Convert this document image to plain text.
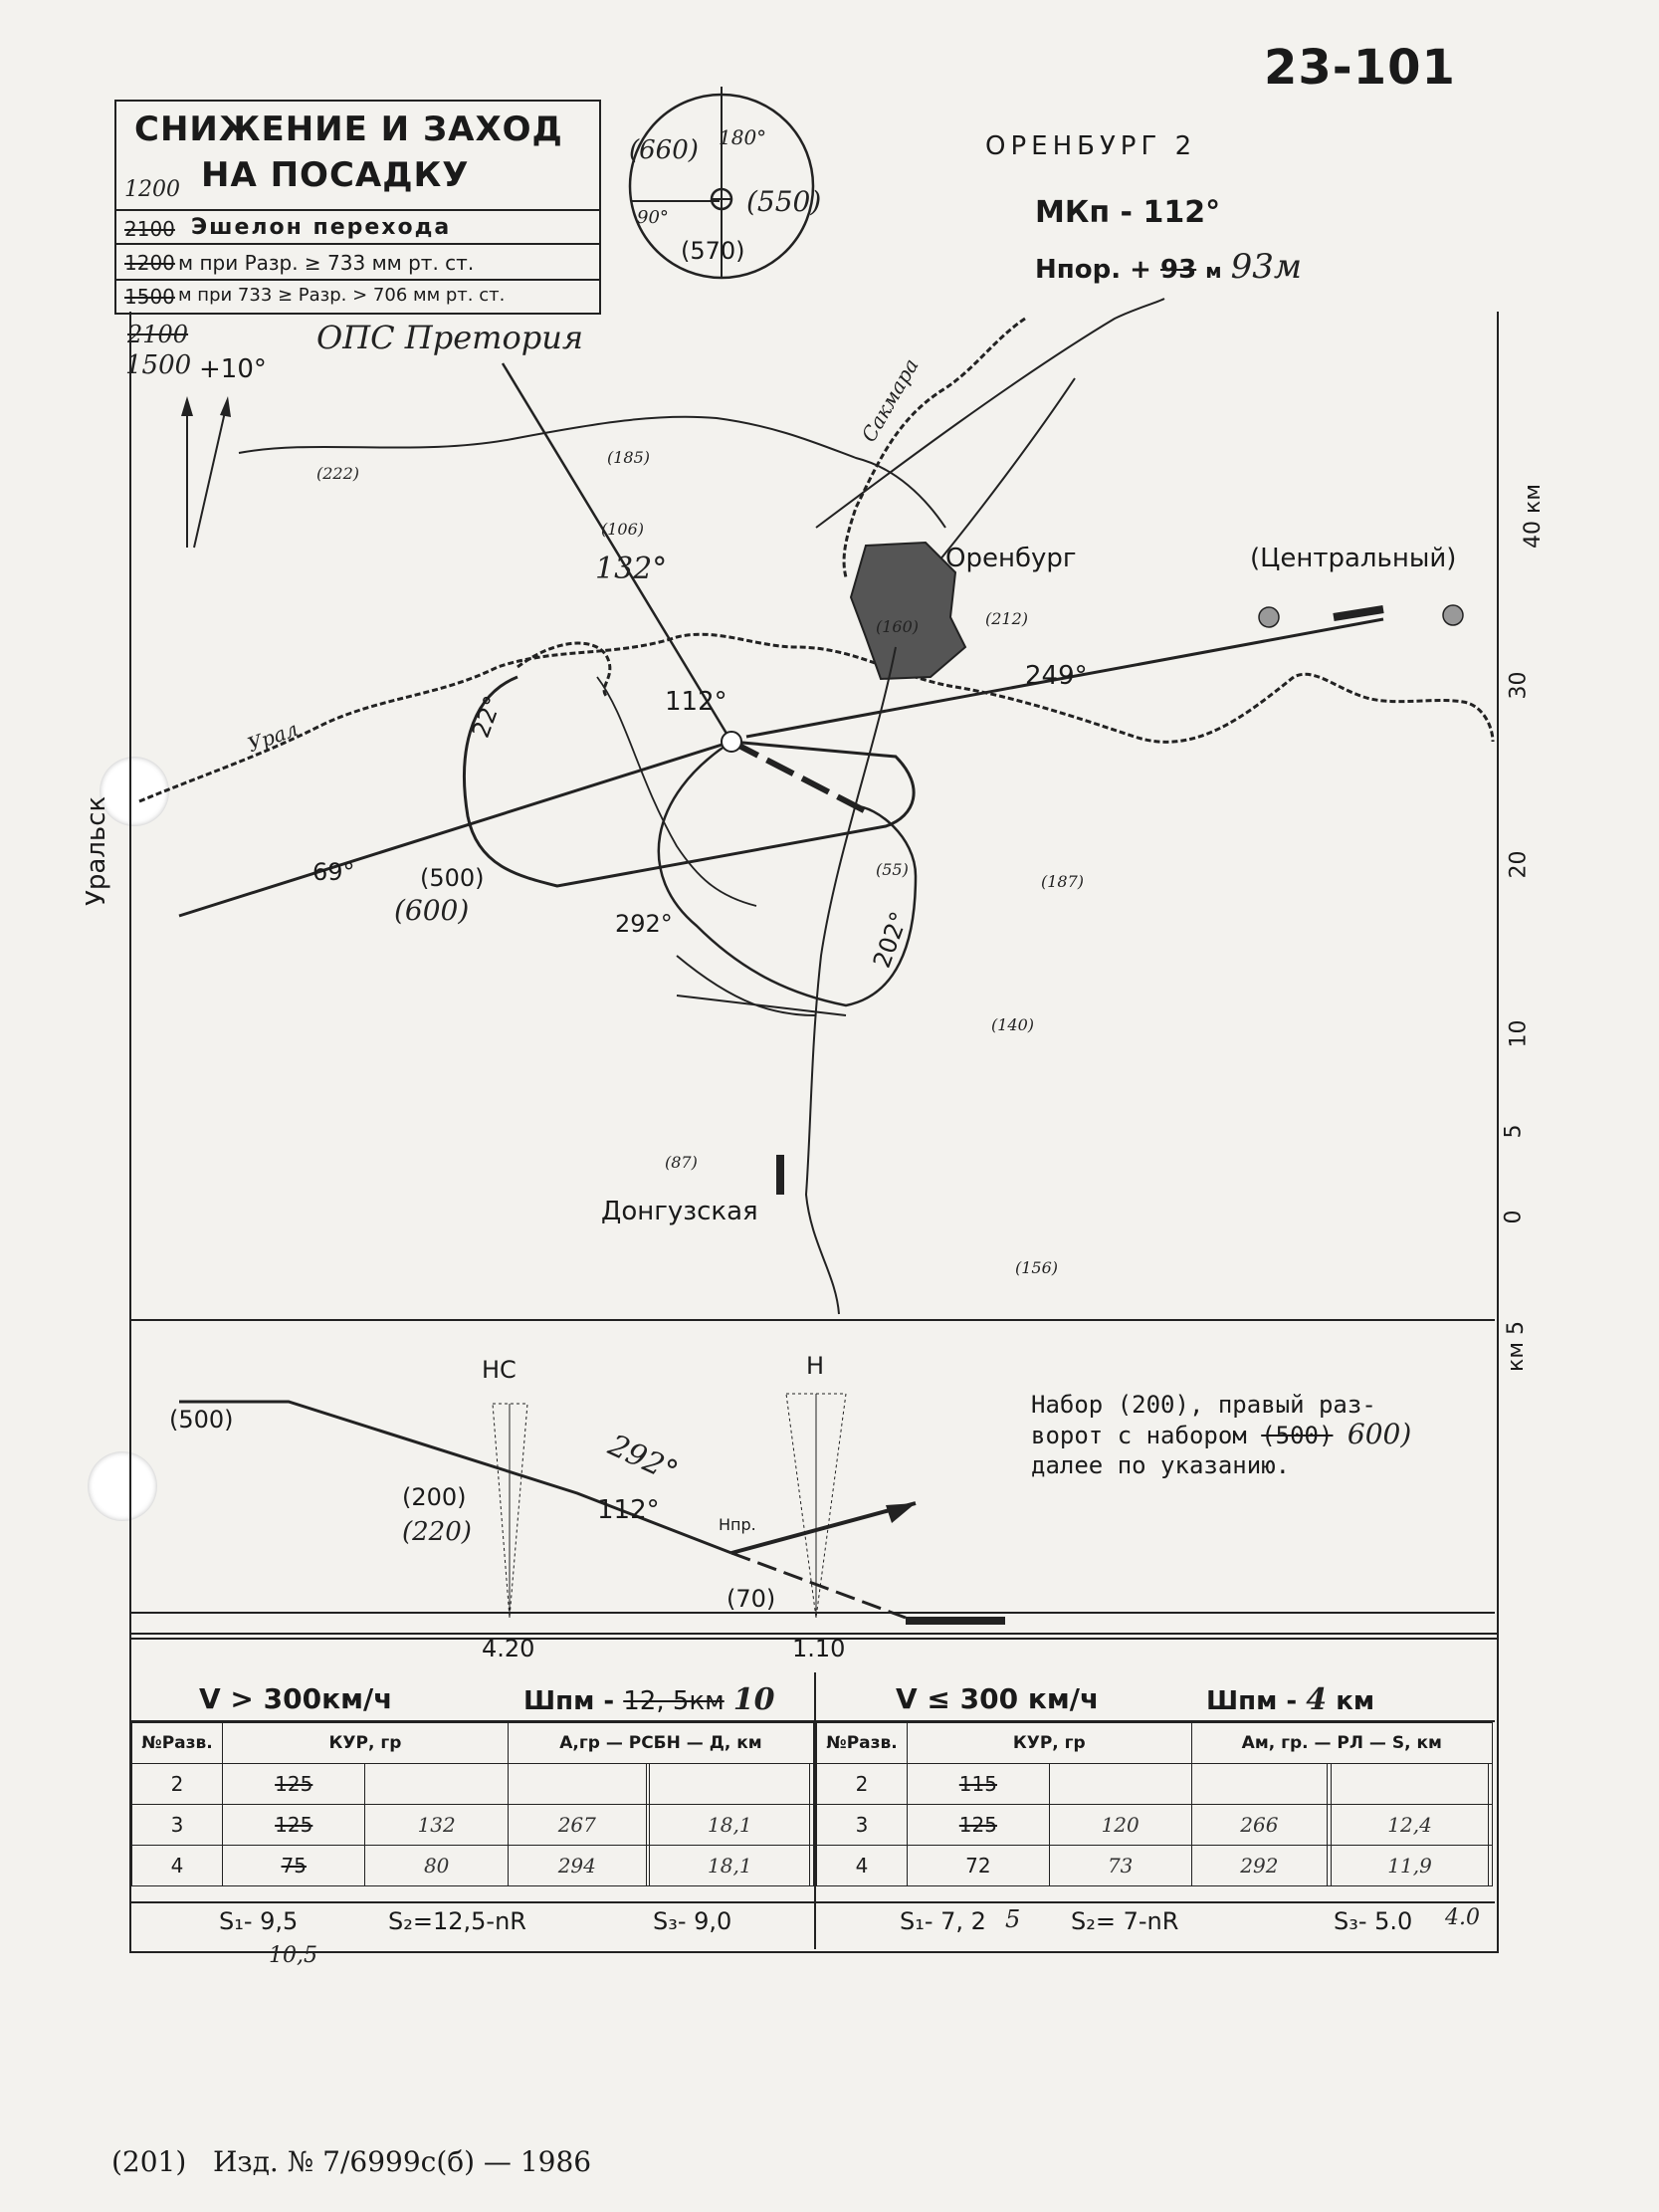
23-101
СНИЖЕНИЕ И ЗАХОД
1200 НА ПОСАДКУ
2100 Эшелон перехода
1200 м при Pазр. ≥ 733 мм рт. ст.
1500 м при 733 ≥ Pазр. > 706 мм рт. ст.
(660) 180°
90°	(550)
(570)
ОРЕНБУРГ 2
МКп - 112°
Нпор. + 93 м 93м
2100
1500 +10°
ОПС Претория
Сакмара
Урал
Оренбург	(Центральный)
Уральск
Донгузская
(222)
(185)
(106)
(160)	(212)
(55)
(187)
(140)
(87)
(156)
249°
112°
22°
292°	202°
69°
132°
(500)
(600)
40 км
30
20
10
5
0
км 5
(500)
(200)
(220)
(70)
112°
292°
Нпр.
НС	Н
4.20	1.10
Набор (200), правый раз-
ворот с набором (500) 600)
далее по указанию.
V > 300км/ч	Шпм - 12, 5км 10	V ≤ 300 км/ч	Шпм - 4 км
№Разв.	КУР, гр		А,гр — РСБН — Д, км			
2	125					
3	125	132	267		18,1	
4	75	80	294		18,1	
№Разв.	КУР, гр		Ам, гр. — РЛ — S, км			
2	115					
3	125	120	266		12,4	
4	72	73	292		11,9	
S₁- 9,5
10,5
S₂=12,5-nR	S₃- 9,0	S₁- 7, 2 5 S₂= 7-nR	S₃- 5.0 4.0
(201) Изд. № 7/6999с(б) — 1986
